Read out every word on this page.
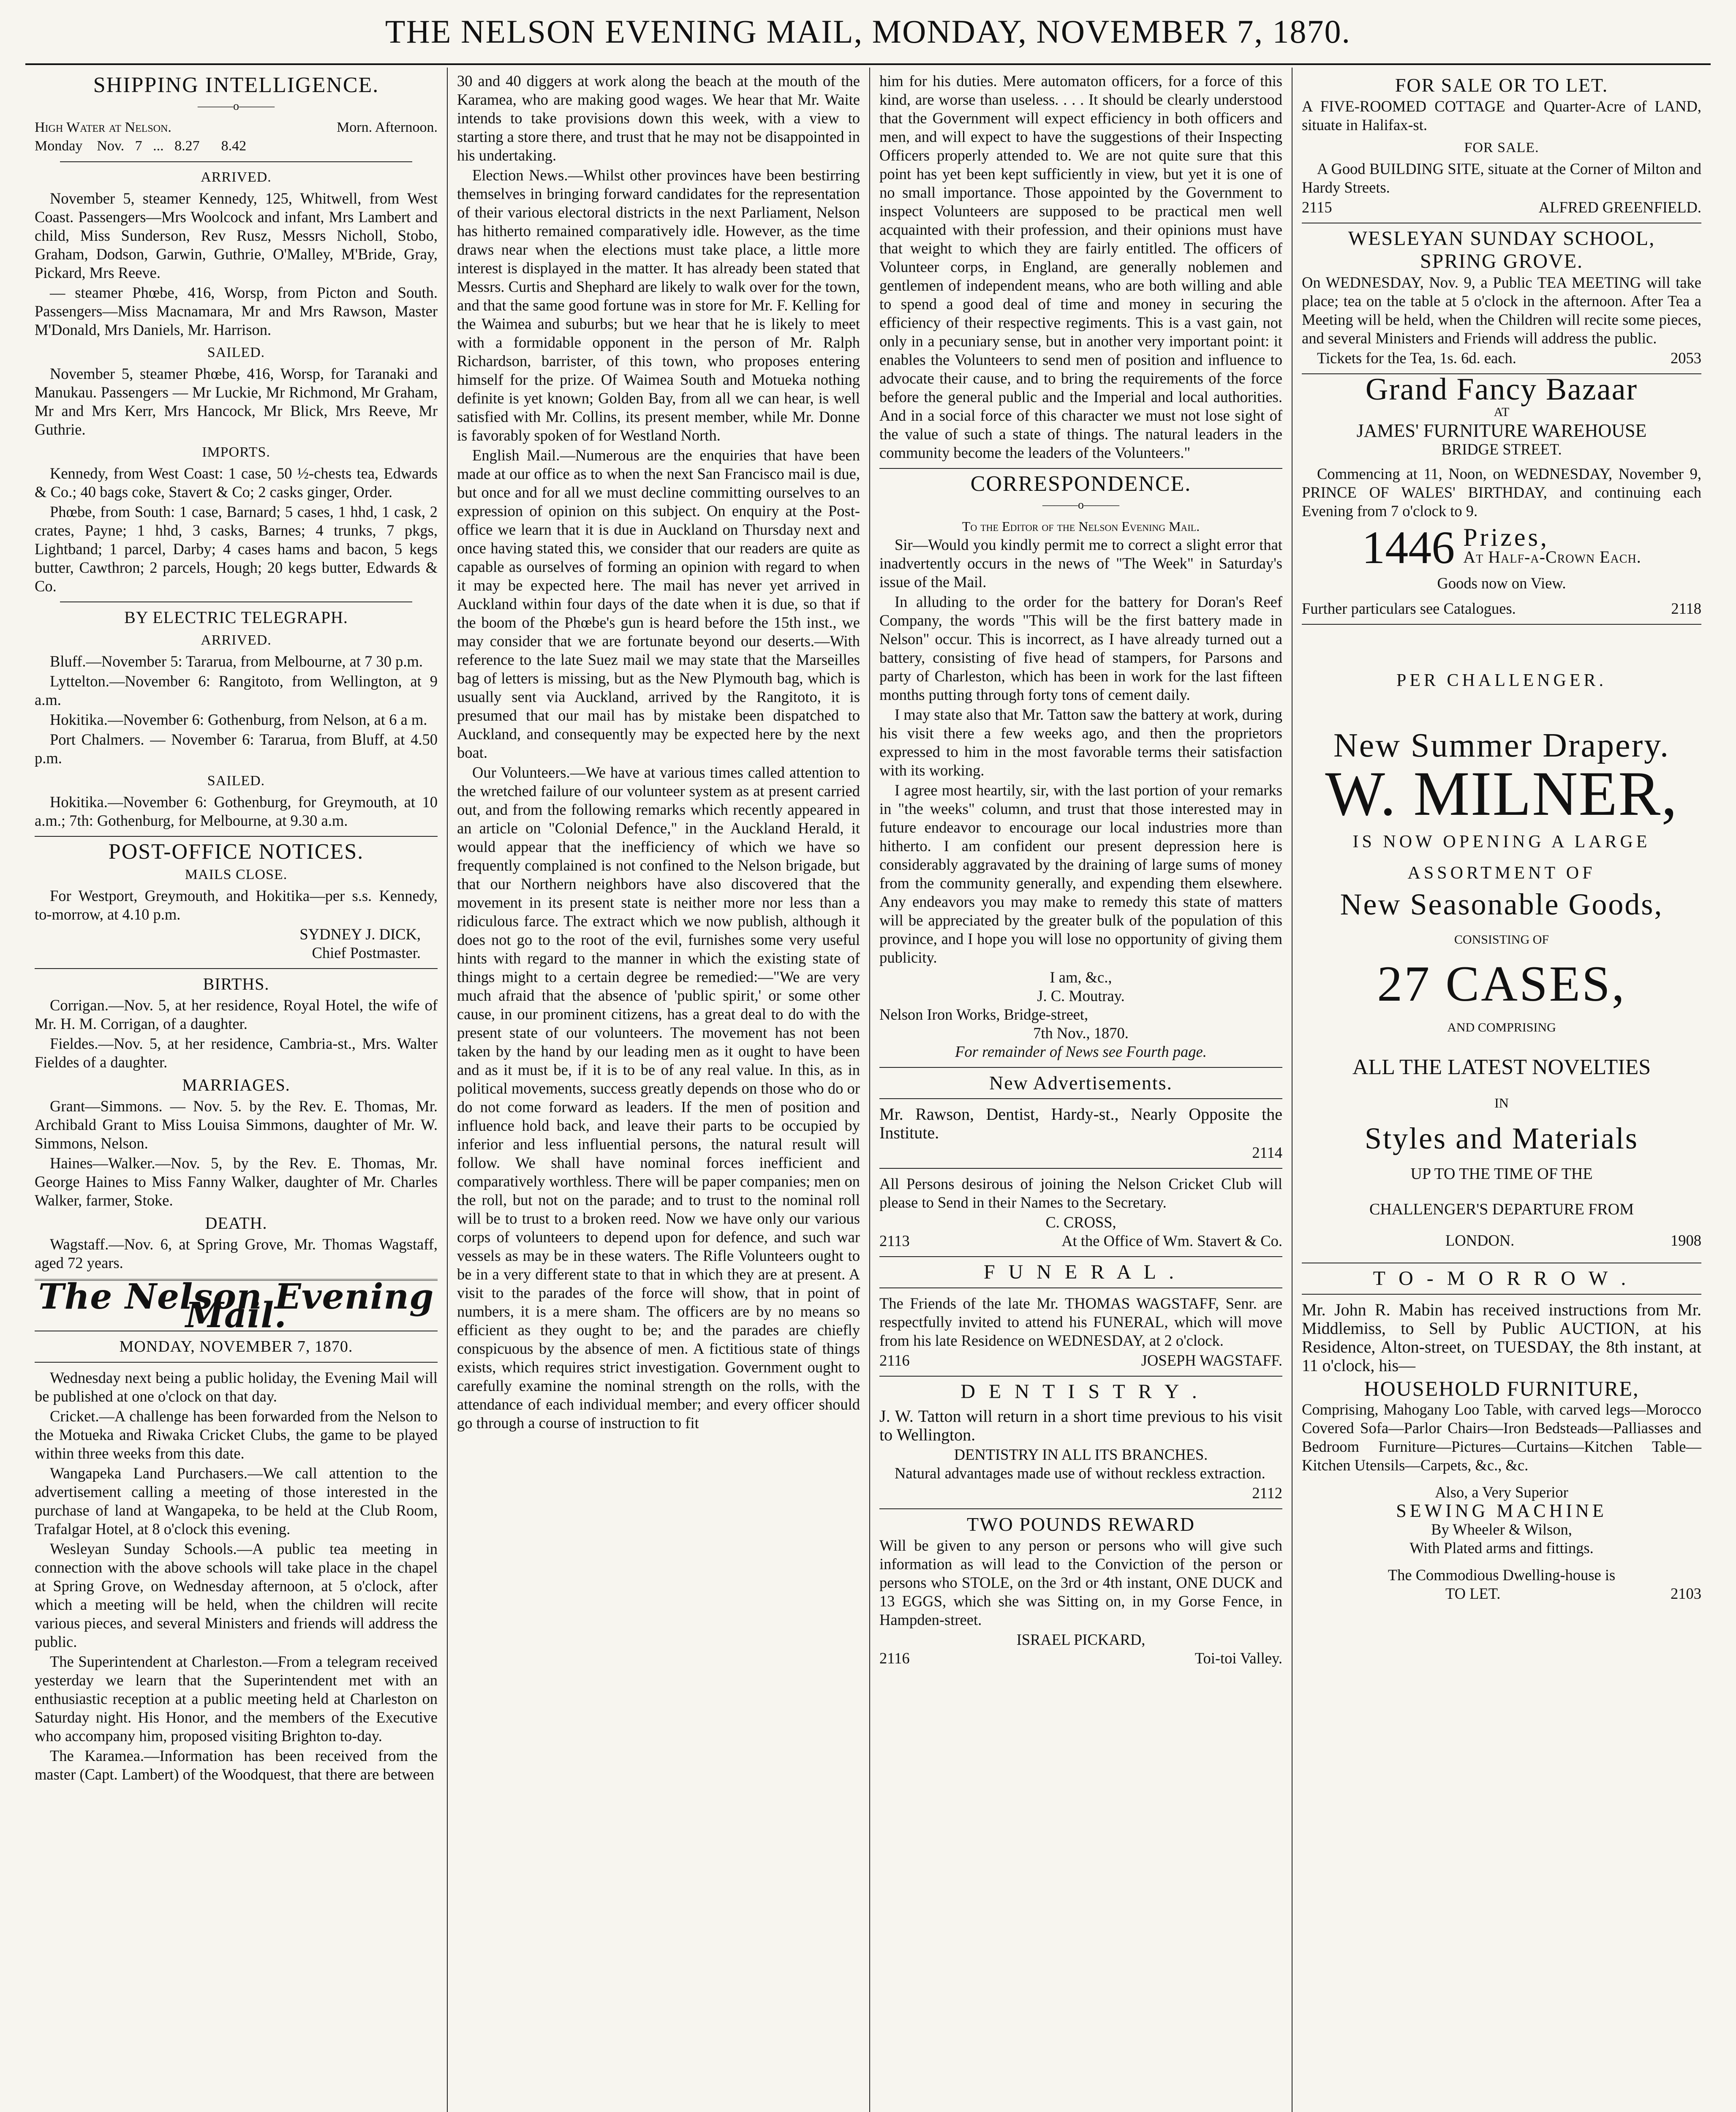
THE NELSON EVENING MAIL, MONDAY, NOVEMBER 7, 1870.
SHIPPING INTELLIGENCE.
———o———
High Water at Nelson.	Morn. Afternoon.
Monday    Nov.   7   ...   8.27      8.42
ARRIVED.

November 5, steamer Kennedy, 125, Whitwell, from West Coast. Passengers—Mrs Woolcock and infant, Mrs Lambert and child, Miss Sunderson, Rev Rusz, Messrs Nicholl, Stobo, Graham, Dodson, Garwin, Guthrie, O'Malley, M'Bride, Gray, Pickard, Mrs Reeve.

— steamer Phœbe, 416, Worsp, from Picton and South. Passengers—Miss Macnamara, Mr and Mrs Rawson, Master M'Donald, Mrs Daniels, Mr. Harrison.

SAILED.

November 5, steamer Phœbe, 416, Worsp, for Taranaki and Manukau. Passengers — Mr Luckie, Mr Richmond, Mr Graham, Mr and Mrs Kerr, Mrs Hancock, Mr Blick, Mrs Reeve, Mr Guthrie.

IMPORTS.

Kennedy, from West Coast: 1 case, 50 ½-chests tea, Edwards & Co.; 40 bags coke, Stavert & Co; 2 casks ginger, Order.

Phœbe, from South: 1 case, Barnard; 5 cases, 1 hhd, 1 cask, 2 crates, Payne; 1 hhd, 3 casks, Barnes; 4 trunks, 7 pkgs, Lightband; 1 parcel, Darby; 4 cases hams and bacon, 5 kegs butter, Cawthron; 2 parcels, Hough; 20 kegs butter, Edwards & Co.

BY ELECTRIC TELEGRAPH.
ARRIVED.

Bluff.—November 5: Tararua, from Melbourne, at 7 30 p.m.

Lyttelton.—November 6: Rangitoto, from Wellington, at 9 a.m.

Hokitika.—November 6: Gothenburg, from Nelson, at 6 a m.

Port Chalmers. — November 6: Tararua, from Bluff, at 4.50 p.m.

SAILED.

Hokitika.—November 6: Gothenburg, for Greymouth, at 10 a.m.; 7th: Gothenburg, for Melbourne, at 9.30 a.m.

POST-OFFICE NOTICES.
MAILS CLOSE.

For Westport, Greymouth, and Hokitika—per s.s. Kennedy, to-morrow, at 4.10 p.m.

SYDNEY J. DICK,
Chief Postmaster.
BIRTHS.

Corrigan.—Nov. 5, at her residence, Royal Hotel, the wife of Mr. H. M. Corrigan, of a daughter.

Fieldes.—Nov. 5, at her residence, Cambria-st., Mrs. Walter Fieldes of a daughter.

MARRIAGES.

Grant—Simmons. — Nov. 5. by the Rev. E. Thomas, Mr. Archibald Grant to Miss Louisa Simmons, daughter of Mr. W. Simmons, Nelson.

Haines—Walker.—Nov. 5, by the Rev. E. Thomas, Mr. George Haines to Miss Fanny Walker, daughter of Mr. Charles Walker, farmer, Stoke.

DEATH.

Wagstaff.—Nov. 6, at Spring Grove, Mr. Thomas Wagstaff, aged 72 years.

The Nelson Evening Mail.
MONDAY, NOVEMBER 7, 1870.

Wednesday next being a public holiday, the Evening Mail will be published at one o'clock on that day.

Cricket.—A challenge has been forwarded from the Nelson to the Motueka and Riwaka Cricket Clubs, the game to be played within three weeks from this date.

Wangapeka Land Purchasers.—We call attention to the advertisement calling a meeting of those interested in the purchase of land at Wangapeka, to be held at the Club Room, Trafalgar Hotel, at 8 o'clock this evening.

Wesleyan Sunday Schools.—A public tea meeting in connection with the above schools will take place in the chapel at Spring Grove, on Wednesday afternoon, at 5 o'clock, after which a meeting will be held, when the children will recite various pieces, and several Ministers and friends will address the public.

The Superintendent at Charleston.—From a telegram received yesterday we learn that the Superintendent met with an enthusiastic reception at a public meeting held at Charleston on Saturday night. His Honor, and the members of the Executive who accompany him, proposed visiting Brighton to-day.

The Karamea.—Information has been received from the master (Capt. Lambert) of the Woodquest, that there are between

30 and 40 diggers at work along the beach at the mouth of the Karamea, who are making good wages. We hear that Mr. Waite intends to take provisions down this week, with a view to starting a store there, and trust that he may not be disappointed in his undertaking.

Election News.—Whilst other provinces have been bestirring themselves in bringing forward candidates for the representation of their various electoral districts in the next Parliament, Nelson has hitherto remained comparatively idle. However, as the time draws near when the elections must take place, a little more interest is displayed in the matter. It has already been stated that Messrs. Curtis and Shephard are likely to walk over for the town, and that the same good fortune was in store for Mr. F. Kelling for the Waimea and suburbs; but we hear that he is likely to meet with a formidable opponent in the person of Mr. Ralph Richardson, barrister, of this town, who proposes entering himself for the prize. Of Waimea South and Motueka nothing definite is yet known; Golden Bay, from all we can hear, is well satisfied with Mr. Collins, its present member, while Mr. Donne is favorably spoken of for Westland North.

English Mail.—Numerous are the enquiries that have been made at our office as to when the next San Francisco mail is due, but once and for all we must decline committing ourselves to an expression of opinion on this subject. On enquiry at the Post-office we learn that it is due in Auckland on Thursday next and once having stated this, we consider that our readers are quite as capable as ourselves of forming an opinion with regard to when it may be expected here. The mail has never yet arrived in Auckland within four days of the date when it is due, so that if the boom of the Phœbe's gun is heard before the 15th inst., we may consider that we are fortunate beyond our deserts.—With reference to the late Suez mail we may state that the Marseilles bag of letters is missing, but as the New Plymouth bag, which is usually sent via Auckland, arrived by the Rangitoto, it is presumed that our mail has by mistake been dispatched to Auckland, and consequently may be expected here by the next boat.

Our Volunteers.—We have at various times called attention to the wretched failure of our volunteer system as at present carried out, and from the following remarks which recently appeared in an article on "Colonial Defence," in the Auckland Herald, it would appear that the inefficiency of which we have so frequently complained is not confined to the Nelson brigade, but that our Northern neighbors have also discovered that the movement in its present state is neither more nor less than a ridiculous farce. The extract which we now publish, although it does not go to the root of the evil, furnishes some very useful hints with regard to the manner in which the existing state of things might to a certain degree be remedied:—"We are very much afraid that the absence of 'public spirit,' or some other cause, in our prominent citizens, has a great deal to do with the present state of our volunteers. The movement has not been taken by the hand by our leading men as it ought to have been and as it must be, if it is to be of any real value. In this, as in political movements, success greatly depends on those who do or do not come forward as leaders. If the men of position and influence hold back, and leave their parts to be occupied by inferior and less influential persons, the natural result will follow. We shall have nominal forces inefficient and comparatively worthless. There will be paper companies; men on the roll, but not on the parade; and to trust to the nominal roll will be to trust to a broken reed. Now we have only our various corps of volunteers to depend upon for defence, and such war vessels as may be in these waters. The Rifle Volunteers ought to be in a very different state to that in which they are at present. A visit to the parades of the force will show, that in point of numbers, it is a mere sham. The officers are by no means so efficient as they ought to be; and the parades are chiefly conspicuous by the absence of men. A fictitious state of things exists, which requires strict investigation. Government ought to carefully examine the nominal strength on the rolls, with the attendance of each individual member; and every officer should go through a course of instruction to fit

him for his duties. Mere automaton officers, for a force of this kind, are worse than useless. . . . It should be clearly understood that the Government will expect efficiency in both officers and men, and will expect to have the suggestions of their Inspecting Officers properly attended to. We are not quite sure that this point has yet been kept sufficiently in view, but yet it is one of no small importance. Those appointed by the Government to inspect Volunteers are supposed to be practical men well acquainted with their profession, and their opinions must have that weight to which they are fairly entitled. The officers of Volunteer corps, in England, are generally noblemen and gentlemen of independent means, who are both willing and able to spend a good deal of time and money in securing the efficiency of their respective regiments. This is a vast gain, not only in a pecuniary sense, but in another very important point: it enables the Volunteers to send men of position and influence to advocate their cause, and to bring the requirements of the force before the general public and the Imperial and local authorities. And in a social force of this character we must not lose sight of the value of such a state of things. The natural leaders in the community become the leaders of the Volunteers."

CORRESPONDENCE.
———o———
To the Editor of the Nelson Evening Mail.

Sir—Would you kindly permit me to correct a slight error that inadvertently occurs in the news of "The Week" in Saturday's issue of the Mail.

In alluding to the order for the battery for Doran's Reef Company, the words "This will be the first battery made in Nelson" occur. This is incorrect, as I have already turned out a battery, consisting of five head of stampers, for Parsons and party of Charleston, which has been in work for the last fifteen months putting through forty tons of cement daily.

I may state also that Mr. Tatton saw the battery at work, during his visit there a few weeks ago, and then the proprietors expressed to him in the most favorable terms their satisfaction with its working.

I agree most heartily, sir, with the last portion of your remarks in "the weeks" column, and trust that those interested may in future endeavor to encourage our local industries more than hitherto. I am confident our present depression here is considerably aggravated by the draining of large sums of money from the community generally, and expending them elsewhere. Any endeavors you may make to remedy this state of matters will be appreciated by the greater bulk of the population of this province, and I hope you will lose no opportunity of giving them publicity.

I am, &c.,
J. C. Moutray.
Nelson Iron Works, Bridge-street,
7th Nov., 1870.
For remainder of News see Fourth page.
New Advertisements.

Mr. Rawson, Dentist, Hardy-st., Nearly Opposite the Institute.

2114

All Persons desirous of joining the Nelson Cricket Club will please to Send in their Names to the Secretary.

C. CROSS,
2113	At the Office of Wm. Stavert & Co.
F U N E R A L .

The Friends of the late Mr. THOMAS WAGSTAFF, Senr. are respectfully invited to attend his FUNERAL, which will move from his late Residence on WEDNESDAY, at 2 o'clock.

2116	JOSEPH WAGSTAFF.
D E N T I S T R Y .

J. W. Tatton will return in a short time previous to his visit to Wellington.

DENTISTRY IN ALL ITS BRANCHES.

Natural advantages made use of without reckless extraction.

2112
TWO POUNDS REWARD

Will be given to any person or persons who will give such information as will lead to the Conviction of the person or persons who STOLE, on the 3rd or 4th instant, ONE DUCK and 13 EGGS, which she was Sitting on, in my Gorse Fence, in Hampden-street.

ISRAEL PICKARD,
2116	Toi-toi Valley.
FOR SALE OR TO LET.

A FIVE-ROOMED COTTAGE and Quarter-Acre of LAND, situate in Halifax-st.

FOR SALE.

A Good BUILDING SITE, situate at the Corner of Milton and Hardy Streets.

2115	ALFRED GREENFIELD.
WESLEYAN SUNDAY SCHOOL,
SPRING GROVE.

On WEDNESDAY, Nov. 9, a Public TEA MEETING will take place; tea on the table at 5 o'clock in the afternoon. After Tea a Meeting will be held, when the Children will recite some pieces, and several Ministers and Friends will address the public.

Tickets for the Tea, 1s. 6d. each.	2053
Grand Fancy Bazaar
AT
JAMES' FURNITURE WAREHOUSE
BRIDGE STREET.

Commencing at 11, Noon, on WEDNESDAY, November 9, PRINCE OF WALES' BIRTHDAY, and continuing each Evening from 7 o'clock to 9.

1446 Prizes,
At Half-a-Crown Each.
Goods now on View.
Further particulars see Catalogues.	2118
PER CHALLENGER.
New Summer Drapery.
W. MILNER,
IS NOW OPENING A LARGE
ASSORTMENT OF
New Seasonable Goods,
CONSISTING OF
27 CASES,
AND COMPRISING
ALL THE LATEST NOVELTIES
IN
Styles and Materials
UP TO THE TIME OF THE
CHALLENGER'S DEPARTURE FROM
LONDON.	1908
T O - M O R R O W .

Mr. John R. Mabin has received instructions from Mr. Middlemiss, to Sell by Public AUCTION, at his Residence, Alton-street, on TUESDAY, the 8th instant, at 11 o'clock, his—

HOUSEHOLD FURNITURE,

Comprising, Mahogany Loo Table, with carved legs—Morocco Covered Sofa—Parlor Chairs—Iron Bedsteads—Palliasses and Bedroom Furniture—Pictures—Curtains—Kitchen Table—Kitchen Utensils—Carpets, &c., &c.

Also, a Very Superior
SEWING MACHINE
By Wheeler & Wilson,
With Plated arms and fittings.
The Commodious Dwelling-house is
TO LET.	2103
